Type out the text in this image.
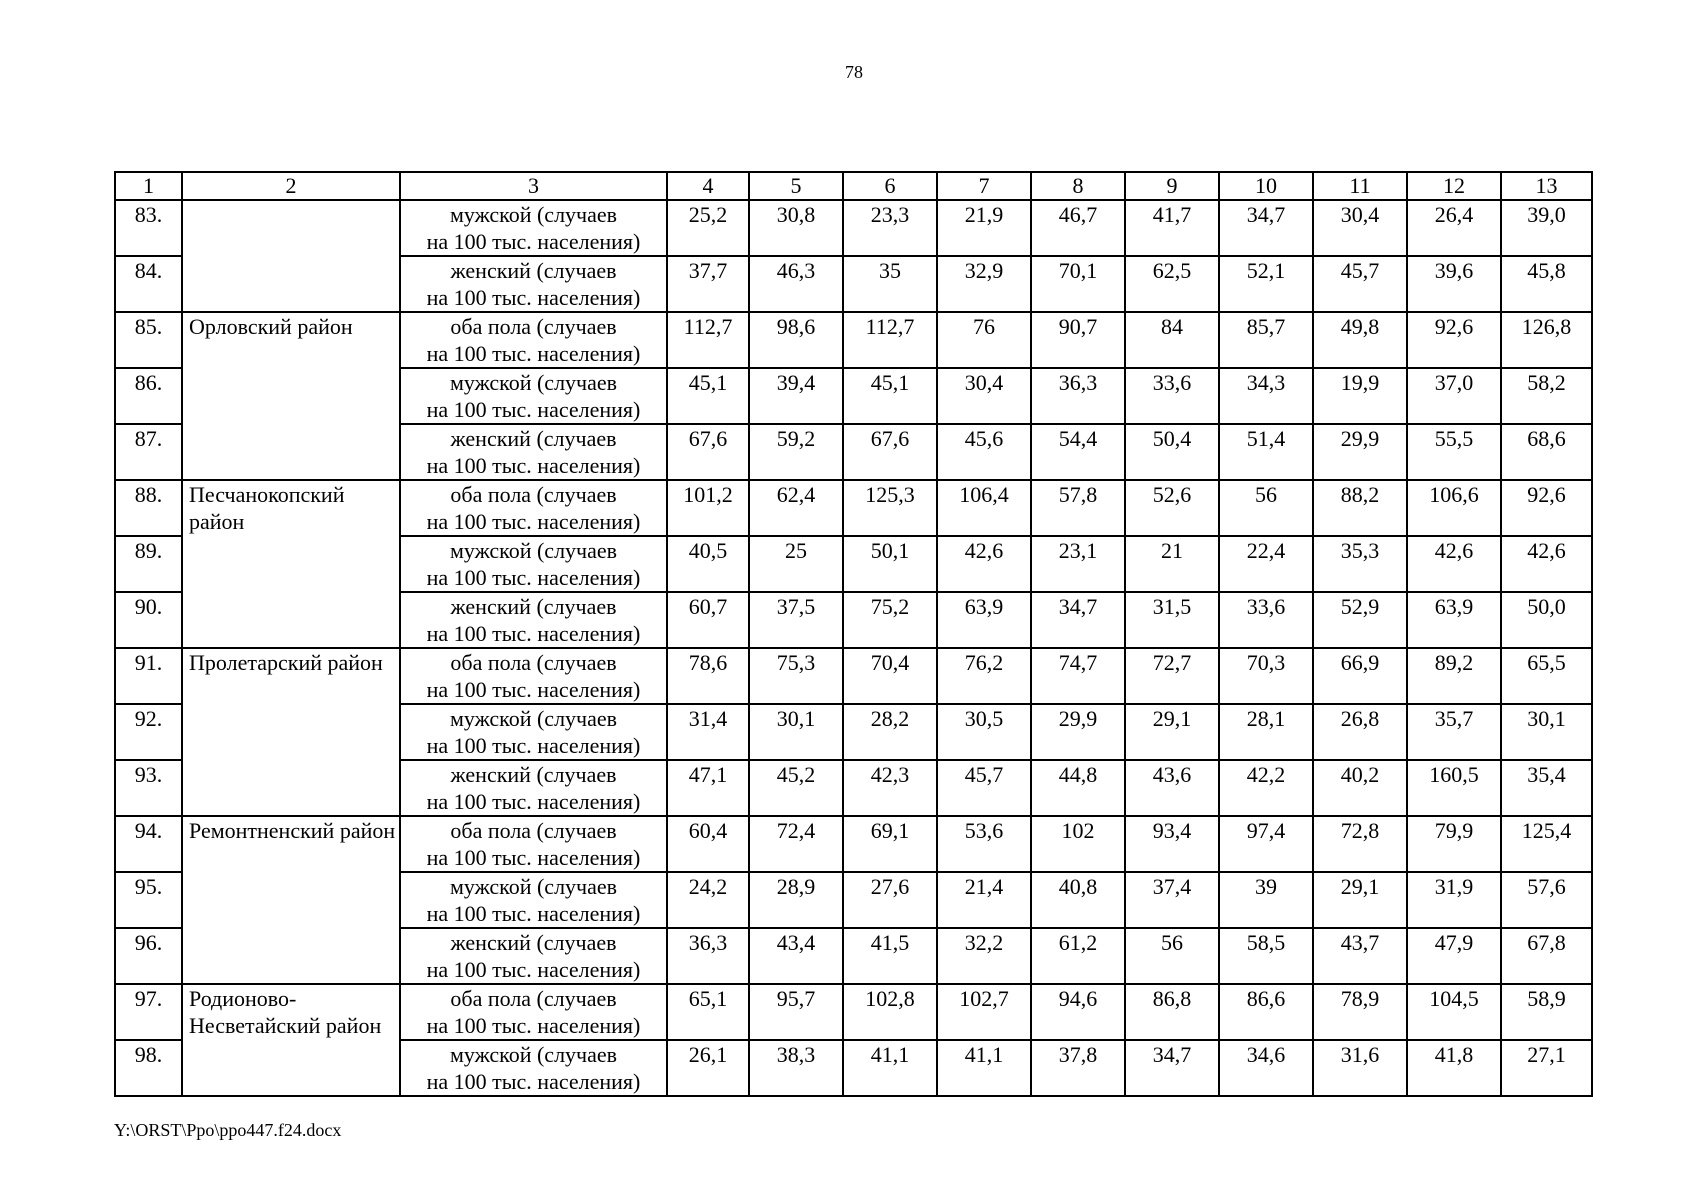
78
1	2	3	4	5	6	7	8	9	10	11	12	13
83.		мужской (случаев
на 100 тыс. населения)	25,2	30,8	23,3	21,9	46,7	41,7	34,7	30,4	26,4	39,0
84.		женский (случаев
на 100 тыс. населения)	37,7	46,3	35	32,9	70,1	62,5	52,1	45,7	39,6	45,8
85.	Орловский район	оба пола (случаев
на 100 тыс. населения)	112,7	98,6	112,7	76	90,7	84	85,7	49,8	92,6	126,8
86.		мужской (случаев
на 100 тыс. населения)	45,1	39,4	45,1	30,4	36,3	33,6	34,3	19,9	37,0	58,2
87.		женский (случаев
на 100 тыс. населения)	67,6	59,2	67,6	45,6	54,4	50,4	51,4	29,9	55,5	68,6
88.	Песчанокопский район	оба пола (случаев
на 100 тыс. населения)	101,2	62,4	125,3	106,4	57,8	52,6	56	88,2	106,6	92,6
89.		мужской (случаев
на 100 тыс. населения)	40,5	25	50,1	42,6	23,1	21	22,4	35,3	42,6	42,6
90.		женский (случаев
на 100 тыс. населения)	60,7	37,5	75,2	63,9	34,7	31,5	33,6	52,9	63,9	50,0
91.	Пролетарский район	оба пола (случаев
на 100 тыс. населения)	78,6	75,3	70,4	76,2	74,7	72,7	70,3	66,9	89,2	65,5
92.		мужской (случаев
на 100 тыс. населения)	31,4	30,1	28,2	30,5	29,9	29,1	28,1	26,8	35,7	30,1
93.		женский (случаев
на 100 тыс. населения)	47,1	45,2	42,3	45,7	44,8	43,6	42,2	40,2	160,5	35,4
94.	Ремонтненский район	оба пола (случаев
на 100 тыс. населения)	60,4	72,4	69,1	53,6	102	93,4	97,4	72,8	79,9	125,4
95.		мужской (случаев
на 100 тыс. населения)	24,2	28,9	27,6	21,4	40,8	37,4	39	29,1	31,9	57,6
96.		женский (случаев
на 100 тыс. населения)	36,3	43,4	41,5	32,2	61,2	56	58,5	43,7	47,9	67,8
97.	Родионово-Несветайский район	оба пола (случаев
на 100 тыс. населения)	65,1	95,7	102,8	102,7	94,6	86,8	86,6	78,9	104,5	58,9
98.		мужской (случаев
на 100 тыс. населения)	26,1	38,3	41,1	41,1	37,8	34,7	34,6	31,6	41,8	27,1
Y:\ORST\Ppo\ppo447.f24.docx
